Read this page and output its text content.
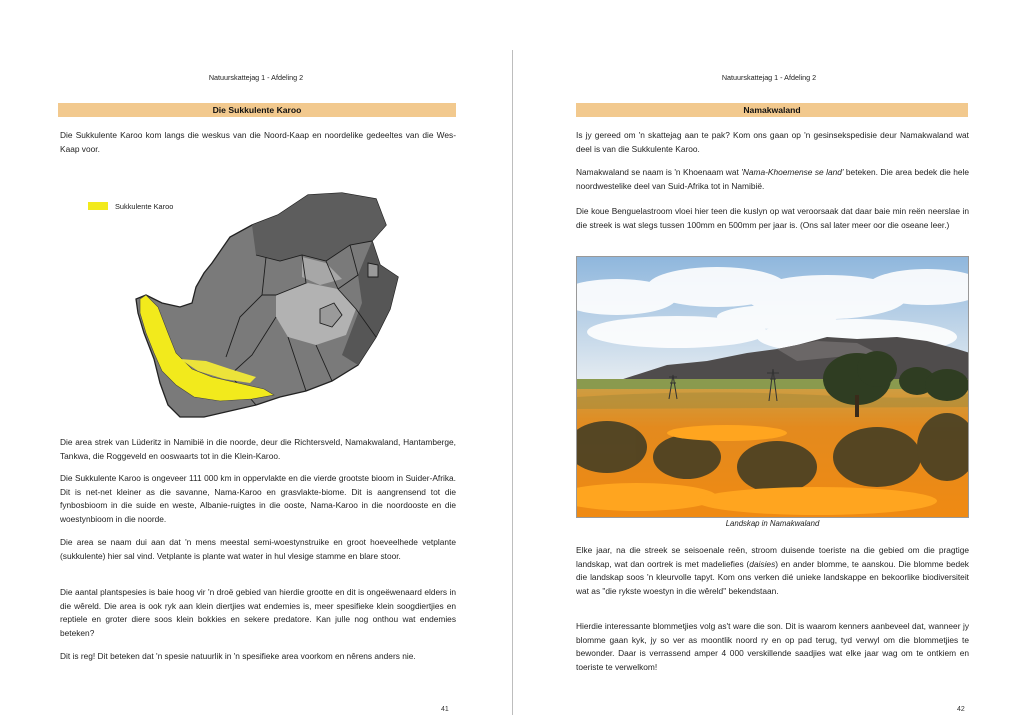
Natuurskattejag 1 - Afdeling 2
Die Sukkulente Karoo

Die Sukkulente Karoo kom langs die weskus van die Noord-Kaap en noordelike gedeeltes van die Wes-Kaap voor.

Sukkulente Karoo

Die area strek van Lüderitz in Namibië in die noorde, deur die Richtersveld, Namakwaland, Hantamberge, Tankwa, die Roggeveld en ooswaarts tot in die Klein-Karoo.

Die Sukkulente Karoo is ongeveer 111 000 km in oppervlakte en die vierde grootste bioom in Suider-Afrika. Dit is net-net kleiner as die savanne, Nama-Karoo en grasvlakte-biome. Dit is aangrensend tot die fynbosbioom in die suide en weste, Albanie-ruigtes in die ooste, Nama-Karoo in die noordooste en die woestynbioom in die noorde.

Die area se naam dui aan dat 'n mens meestal semi-woestynstruike en groot hoeveelhede vetplante (sukkulente) hier sal vind. Vetplante is plante wat water in hul vlesige stamme en blare stoor.

Die aantal plantspesies is baie hoog vir 'n droë gebied van hierdie grootte en dit is ongeëwenaard elders in die wêreld. Die area is ook ryk aan klein diertjies wat endemies is, meer spesifieke klein soogdiertjies en reptiele en groter diere soos klein bokkies en sekere predatore. Kan julle nog onthou wat endemies beteken?

Dit is reg! Dit beteken dat 'n spesie natuurlik in 'n spesifieke area voorkom en nêrens anders nie.

41
Natuurskattejag 1 - Afdeling 2
Namakwaland

Is jy gereed om 'n skattejag aan te pak? Kom ons gaan op 'n gesinsekspedisie deur Namakwaland wat deel is van die Sukkulente Karoo.

Namakwaland se naam is 'n Khoenaam wat 'Nama-Khoemense se land' beteken. Die area bedek die hele noordwestelike deel van Suid-Afrika tot in Namibië.

Die koue Benguelastroom vloei hier teen die kuslyn op wat veroorsaak dat daar baie min reën neerslae in die streek is wat slegs tussen 100mm en 500mm per jaar is. (Ons sal later meer oor die oseane leer.)

Landskap in Namakwaland

Elke jaar, na die streek se seisoenale reën, stroom duisende toeriste na die gebied om die pragtige landskap, wat dan oortrek is met madeliefies (daisies) en ander blomme, te aanskou. Die blomme bedek die landskap soos 'n kleurvolle tapyt. Kom ons verken dié unieke landskappe en bekoorlike biodiversiteit wat as "die rykste woestyn in die wêreld" bekendstaan.

Hierdie interessante blommetjies volg as't ware die son. Dit is waarom kenners aanbeveel dat, wanneer jy blomme gaan kyk, jy so ver as moontlik noord ry en op pad terug, tyd verwyl om die blommetjies te bewonder. Daar is verrassend amper 4 000 verskillende saadjies wat elke jaar wag om te ontkiem en toeriste te verwelkom!

42
